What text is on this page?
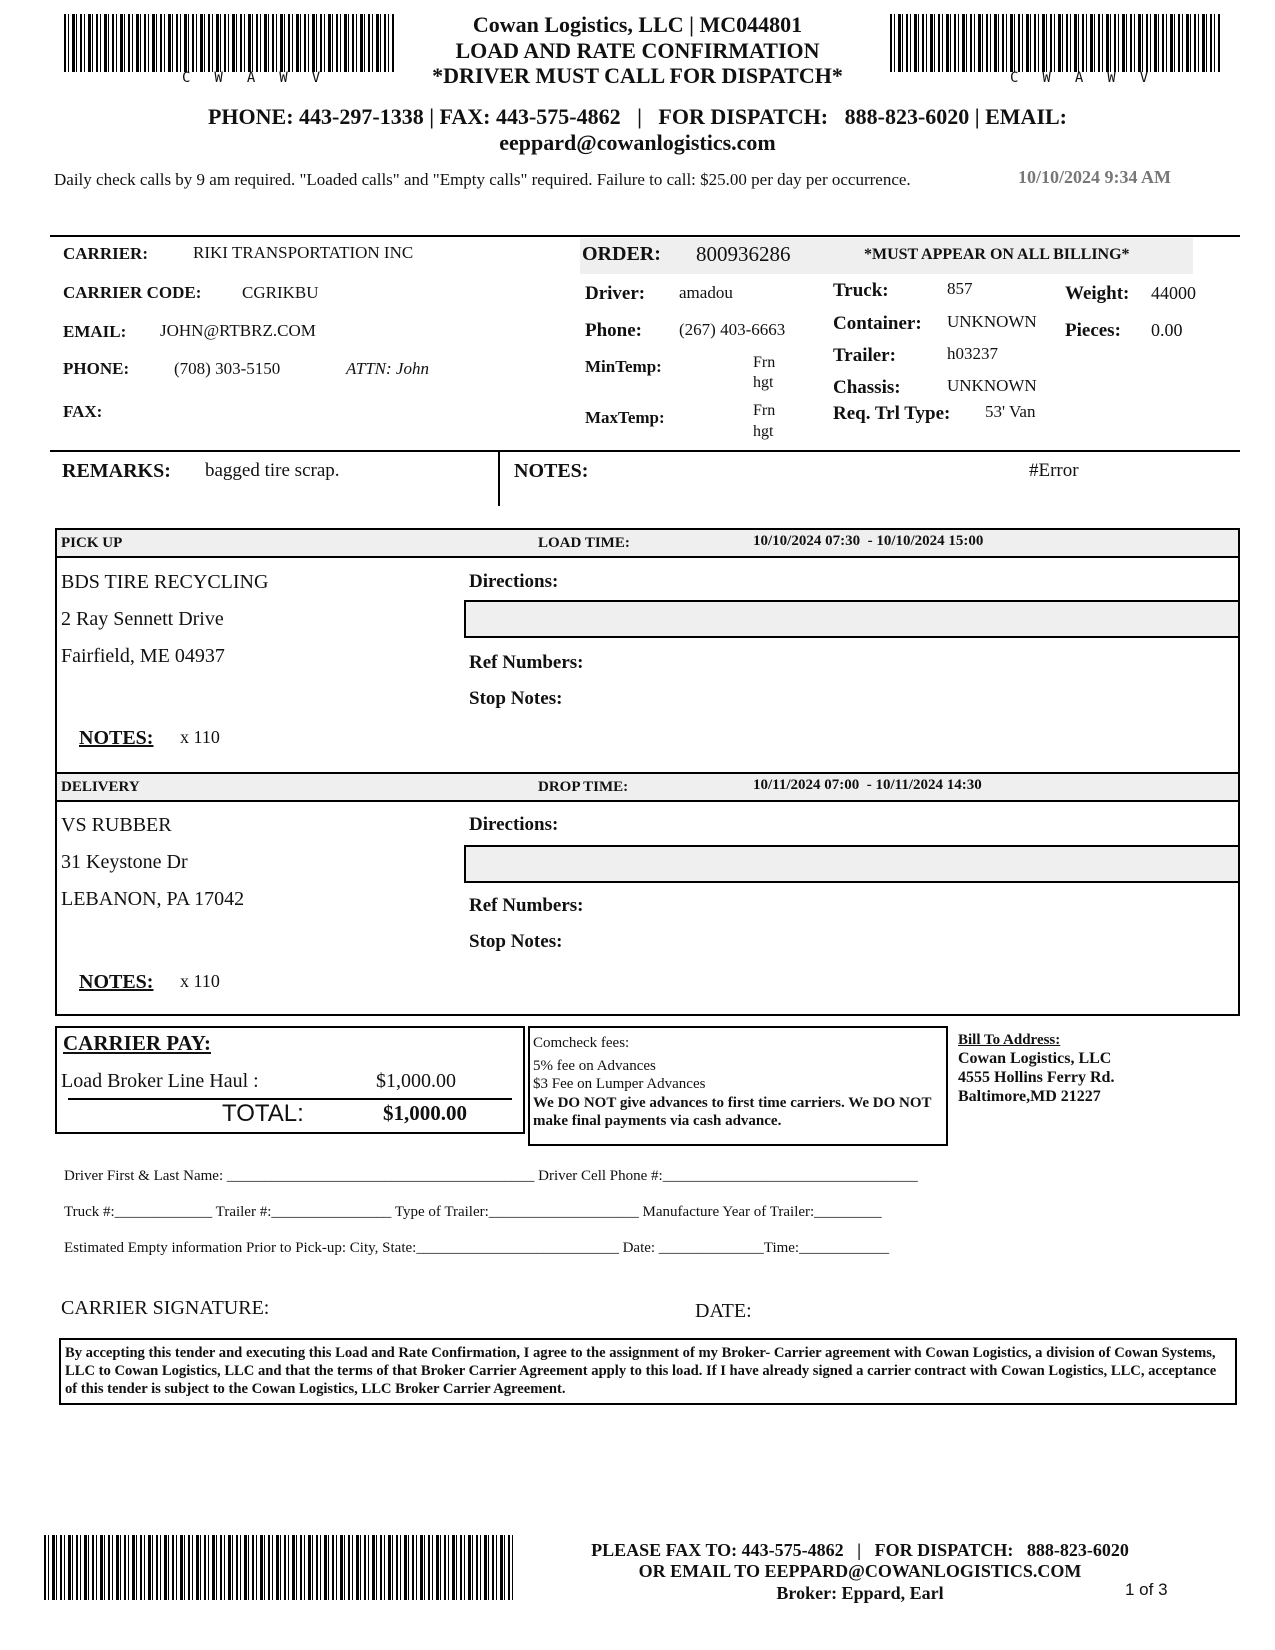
CWAWV	CWAWV
Cowan Logistics, LLC | MC044801
LOAD AND RATE CONFIRMATION
*DRIVER MUST CALL FOR DISPATCH*
PHONE: 443-297-1338 | FAX: 443-575-4862   |   FOR DISPATCH:   888-823-6020 | EMAIL:
eeppard@cowanlogistics.com
Daily check calls by 9 am required. "Loaded calls" and "Empty calls" required. Failure to call: $25.00 per day per occurrence.	10/10/2024 9:34 AM
CARRIER:	RIKI TRANSPORTATION INC
CARRIER CODE: CGRIKBU
EMAIL: JOHN@RTBRZ.COM
PHONE:	(708) 303-5150	ATTN: John
FAX:
ORDER: 800936286	*MUST APPEAR ON ALL BILLING*
Driver: amadou
Phone: (267) 403-6663
MinTemp:	Frn
hgt
MaxTemp:	Frn
hgt
Truck:	857
Container: UNKNOWN
Trailer:	h03237
Chassis:	UNKNOWN
Req. Trl Type: 53' Van
Weight: 44000
Pieces: 0.00
REMARKS: bagged tire scrap.	NOTES:	#Error
PICK UP	LOAD TIME:	10/10/2024 07:30  - 10/10/2024 15:00
BDS TIRE RECYCLING
2 Ray Sennett Drive
Fairfield, ME 04937
Directions:
Ref Numbers:
Stop Notes:
NOTES: x 110
DELIVERY	DROP TIME:	10/11/2024 07:00  - 10/11/2024 14:30
VS RUBBER
31 Keystone Dr
LEBANON, PA 17042
Directions:
Ref Numbers:
Stop Notes:
NOTES: x 110
CARRIER PAY:
Load Broker Line Haul :	$1,000.00
TOTAL:	$1,000.00
Comcheck fees:
5% fee on Advances
$3 Fee on Lumper Advances
We DO NOT give advances to first time carriers. We DO NOT make final payments via cash advance.
Bill To Address:
Cowan Logistics, LLC
4555 Hollins Ferry Rd.
Baltimore,MD 21227
Driver First & Last Name: _________________________________________ Driver Cell Phone #:__________________________________
Truck #:_____________ Trailer #:________________ Type of Trailer:____________________ Manufacture Year of Trailer:_________
Estimated Empty information Prior to Pick-up: City, State:___________________________ Date: ______________Time:____________
CARRIER SIGNATURE:	DATE:
By accepting this tender and executing this Load and Rate Confirmation, I agree to the assignment of my Broker- Carrier agreement with Cowan Logistics, a division of Cowan Systems, LLC to Cowan Logistics, LLC and that the terms of that Broker Carrier Agreement apply to this load. If I have already signed a carrier contract with Cowan Logistics, LLC, acceptance of this tender is subject to the Cowan Logistics, LLC Broker Carrier Agreement.
PLEASE FAX TO: 443-575-4862   |   FOR DISPATCH:   888-823-6020
OR EMAIL TO EEPPARD@COWANLOGISTICS.COM
Broker: Eppard, Earl	1 of 3
